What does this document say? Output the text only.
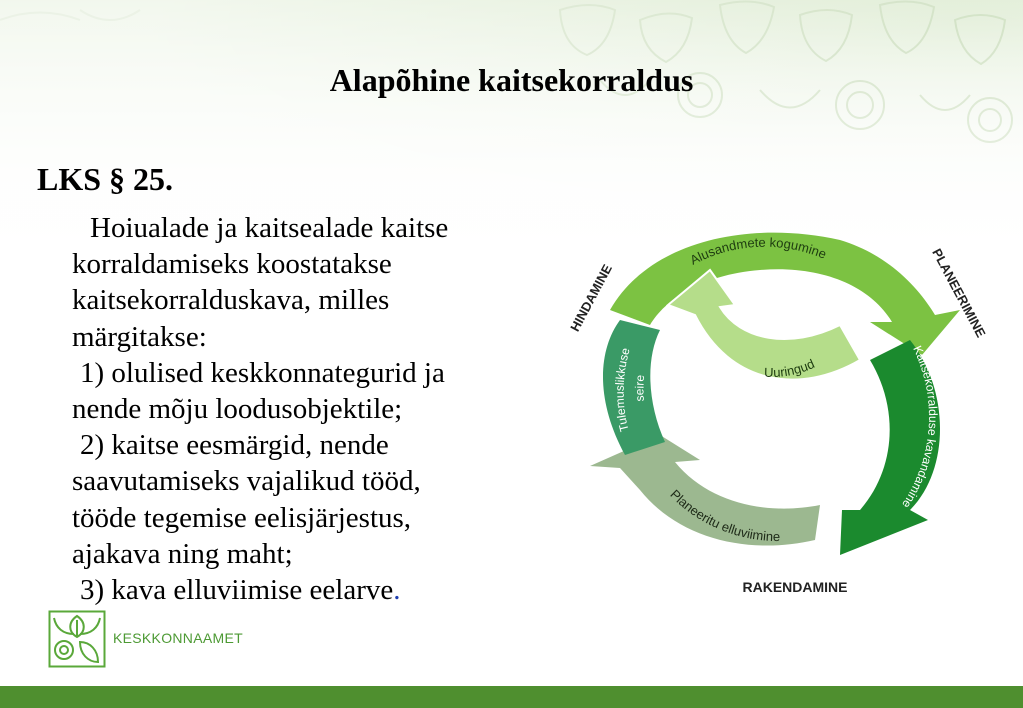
Alapõhine kaitsekorraldus
LKS § 25.
Hoiualade ja kaitsealade kaitse
korraldamiseks koostatakse
kaitsekorralduskava, milles
märgitakse:
1) olulised keskkonnategurid ja
nende mõju loodusobjektile;
2) kaitse eesmärgid, nende
saavutamiseks vajalikud tööd,
tööde tegemise eelisjärjestus,
ajakava ning maht;
3) kava elluviimise eelarve.
Alusandmete kogumine
Uuringud
Kaitsekorralduse kavandamine
Planeeritu elluviimine
Tulemuslikkuse
seire
HINDAMINE	PLANEERIMINE
RAKENDAMINE
KESKKONNAAMET
